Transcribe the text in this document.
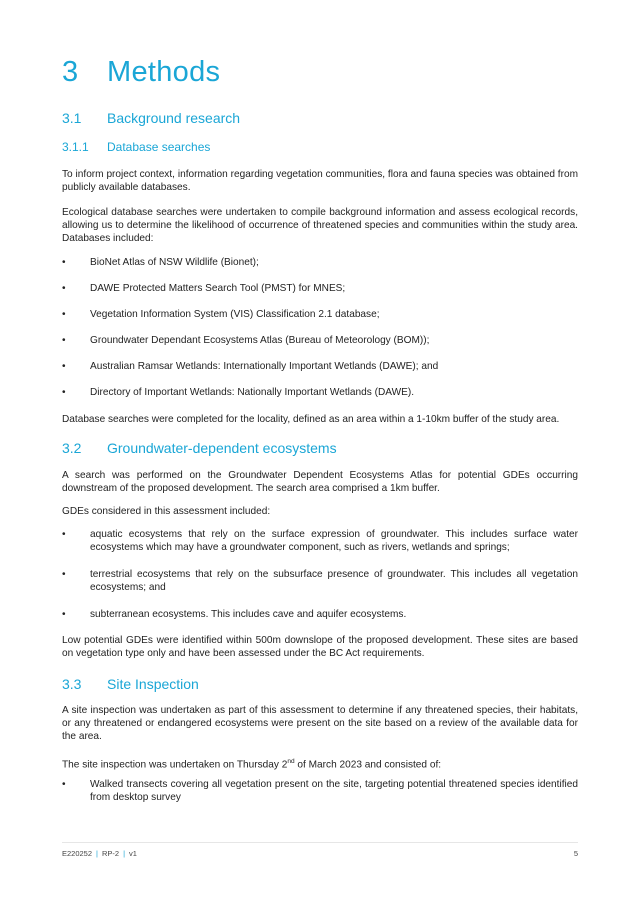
3 Methods
3.1 Background research
3.1.1 Database searches

To inform project context, information regarding vegetation communities, flora and fauna species was obtained from publicly available databases.

Ecological database searches were undertaken to compile background information and assess ecological records, allowing us to determine the likelihood of occurrence of threatened species and communities within the study area. Databases included:

• BioNet Atlas of NSW Wildlife (Bionet);
• DAWE Protected Matters Search Tool (PMST) for MNES;
• Vegetation Information System (VIS) Classification 2.1 database;
• Groundwater Dependant Ecosystems Atlas (Bureau of Meteorology (BOM));
• Australian Ramsar Wetlands: Internationally Important Wetlands (DAWE); and
• Directory of Important Wetlands: Nationally Important Wetlands (DAWE).

Database searches were completed for the locality, defined as an area within a 1-10km buffer of the study area.

3.2 Groundwater-dependent ecosystems

A search was performed on the Groundwater Dependent Ecosystems Atlas for potential GDEs occurring downstream of the proposed development. The search area comprised a 1km buffer.

GDEs considered in this assessment included:

• aquatic ecosystems that rely on the surface expression of groundwater. This includes surface water ecosystems which may have a groundwater component, such as rivers, wetlands and springs;
• terrestrial ecosystems that rely on the subsurface presence of groundwater. This includes all vegetation ecosystems; and
• subterranean ecosystems. This includes cave and aquifer ecosystems.

Low potential GDEs were identified within 500m downslope of the proposed development. These sites are based on vegetation type only and have been assessed under the BC Act requirements.

3.3 Site Inspection

A site inspection was undertaken as part of this assessment to determine if any threatened species, their habitats, or any threatened or endangered ecosystems were present on the site based on a review of the available data for the area.

The site inspection was undertaken on Thursday 2nd of March 2023 and consisted of:

• Walked transects covering all vegetation present on the site, targeting potential threatened species identified from desktop survey
E220252 | RP-2 | v1	5
